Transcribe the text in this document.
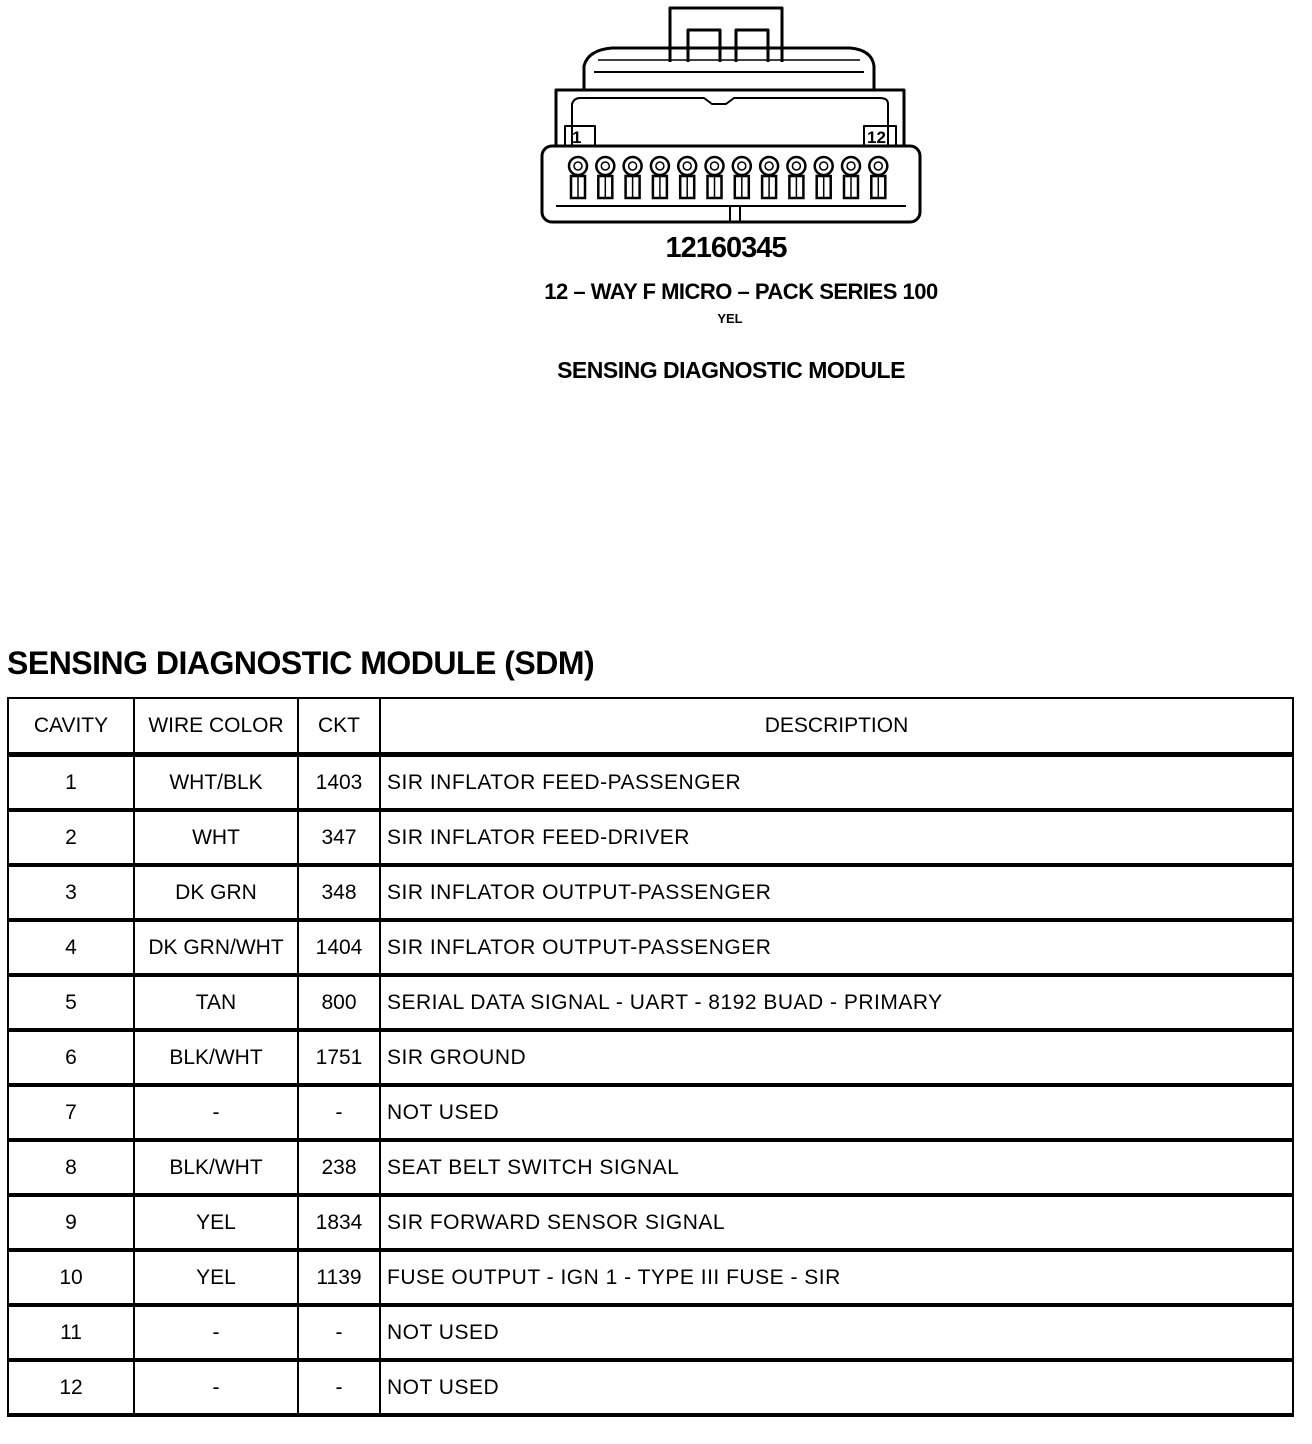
1	12
12160345
12 – WAY F MICRO – PACK SERIES 100
YEL
SENSING DIAGNOSTIC MODULE
SENSING DIAGNOSTIC MODULE (SDM)
CAVITY	WIRE COLOR	CKT	DESCRIPTION
1	WHT/BLK	1403	SIR INFLATOR FEED-PASSENGER
2	WHT	347	SIR INFLATOR FEED-DRIVER
3	DK GRN	348	SIR INFLATOR OUTPUT-PASSENGER
4	DK GRN/WHT	1404	SIR INFLATOR OUTPUT-PASSENGER
5	TAN	800	SERIAL DATA SIGNAL - UART - 8192 BUAD - PRIMARY
6	BLK/WHT	1751	SIR GROUND
7	-	-	NOT USED
8	BLK/WHT	238	SEAT BELT SWITCH SIGNAL
9	YEL	1834	SIR FORWARD SENSOR SIGNAL
10	YEL	1139	FUSE OUTPUT - IGN 1 - TYPE III FUSE - SIR
11	-	-	NOT USED
12	-	-	NOT USED
